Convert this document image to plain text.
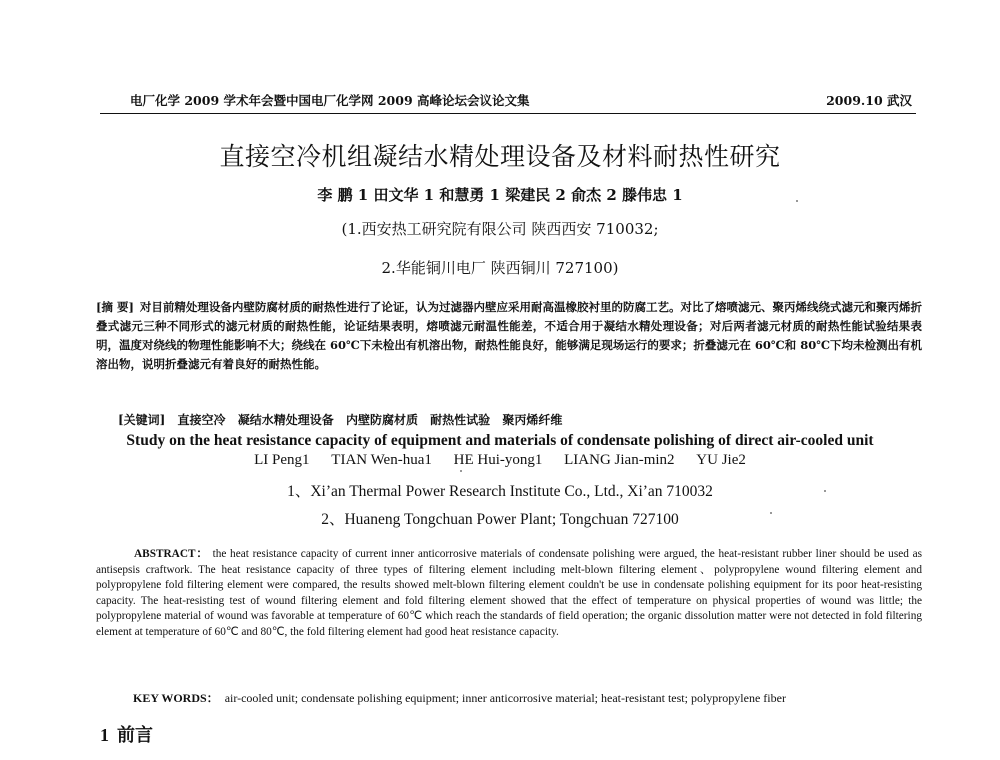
电厂化学 2009 学术年会暨中国电厂化学网 2009 高峰论坛会议论文集	2009.10 武汉
直接空冷机组凝结水精处理设备及材料耐热性研究
李 鹏 1 田文华 1 和慧勇 1 梁建民 2 俞杰 2 滕伟忠 1
(1.西安热工研究院有限公司 陕西西安 710032;
2.华能铜川电厂 陕西铜川 727100)
[摘 要] 对目前精处理设备内壁防腐材质的耐热性进行了论证，认为过滤器内壁应采用耐高温橡胶衬里的防腐工艺。对比了熔喷滤元、聚丙烯线绕式滤元和聚丙烯折叠式滤元三种不同形式的滤元材质的耐热性能，论证结果表明，熔喷滤元耐温性能差，不适合用于凝结水精处理设备；对后两者滤元材质的耐热性能试验结果表明，温度对绕线的物理性能影响不大；绕线在 60℃下未检出有机溶出物，耐热性能良好，能够满足现场运行的要求；折叠滤元在 60℃和 80℃下均未检测出有机溶出物，说明折叠滤元有着良好的耐热性能。
[关键词] 直接空冷 凝结水精处理设备 内壁防腐材质 耐热性试验 聚丙烯纤维
Study on the heat resistance capacity of equipment and materials of condensate polishing of direct air-cooled unit
LI Peng1 TIAN Wen-hua1 HE Hui-yong1 LIANG Jian-min2 YU Jie2
1、Xi’an Thermal Power Research Institute Co., Ltd., Xi’an 710032
2、Huaneng Tongchuan Power Plant; Tongchuan 727100
ABSTRACT： the heat resistance capacity of current inner anticorrosive materials of condensate polishing were argued, the heat-resistant rubber liner should be used as antisepsis craftwork. The heat resistance capacity of three types of filtering element including melt-blown filtering element、polypropylene wound filtering element and polypropylene fold filtering element were compared, the results showed melt-blown filtering element couldn't be use in condensate polishing equipment for its poor heat-resisting capacity. The heat-resisting test of wound filtering element and fold filtering element showed that the effect of temperature on physical properties of wound was little; the polypropylene material of wound was favorable at temperature of 60℃ which reach the standards of field operation; the organic dissolution matter were not detected in fold filtering element at temperature of 60℃ and 80℃, the fold filtering element had good heat resistance capacity.
KEY WORDS： air-cooled unit; condensate polishing equipment; inner anticorrosive material; heat-resistant test; polypropylene fiber
1 前言
